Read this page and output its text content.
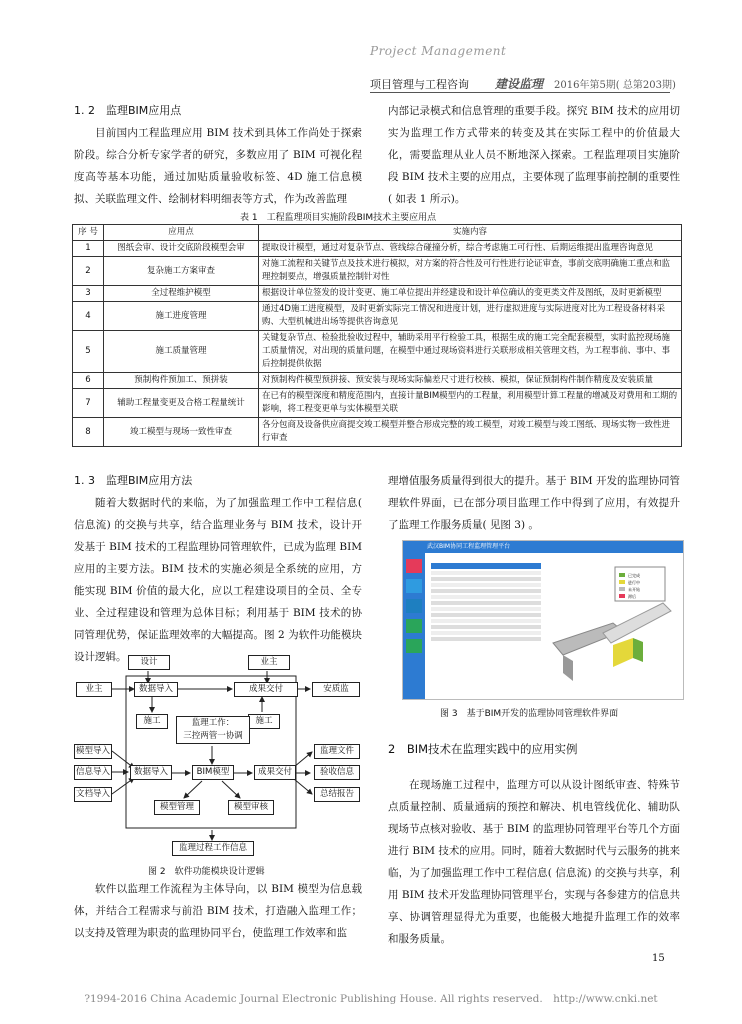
Project Management
项目管理与工程咨询 建设监理 2016年第5期( 总第203期)
1. 2　监理BIM应用点

目前国内工程监理应用 BIM 技术到具体工作尚处于探索阶段。综合分析专家学者的研究，多数应用了 BIM 可视化程度高等基本功能，通过加贴质量验收标签、4D 施工信息模拟、关联监理文件、绘制材料明细表等方式，作为改善监理

内部记录模式和信息管理的重要手段。探究 BIM 技术的应用切实为监理工作方式带来的转变及其在实际工程中的价值最大化，需要监理从业人员不断地深入探索。工程监理项目实施阶段 BIM 技术主要的应用点，主要体现了监理事前控制的重要性( 如表 1 所示)。

表 1　工程监理项目实施阶段BIM技术主要应用点
序 号	应用点	实施内容
1	图纸会审、设计交底阶段模型会审	提取设计模型，通过对复杂节点、管线综合碰撞分析，综合考虑施工可行性、后期运维提出监理咨询意见
2	复杂施工方案审查	对施工流程和关键节点及技术进行模拟，对方案的符合性及可行性进行论证审查，事前交底明确施工重点和监理控制要点，增强质量控制针对性
3	全过程维护模型	根据设计单位签发的设计变更、施工单位提出并经建设和设计单位确认的变更类文件及图纸，及时更新模型
4	施工进度管理	通过4D施工进度模型，及时更新实际完工情况和进度计划，进行虚拟进度与实际进度对比为工程设备材料采购、大型机械进出场等提供咨询意见
5	施工质量管理	关键复杂节点、检验批验收过程中，辅助采用平行检验工具，根据生成的施工完全配套模型，实时监控现场施工质量情况，对出现的质量问题，在模型中通过现场资料进行关联形成相关管理文档，为工程事前、事中、事后控制提供依据
6	预制构件预加工、预拼装	对预制构件模型预拼接、预安装与现场实际偏差尺寸进行校核、模拟，保证预制构件制作精度及安装质量
7	辅助工程量变更及合格工程量统计	在已有的模型深度和精度范围内，直接计量BIM模型内的工程量，利用模型计算工程量的增减及对费用和工期的影响，将工程变更单与实体模型关联
8	竣工模型与现场一致性审查	各分包商及设备供应商提交竣工模型并整合形成完整的竣工模型，对竣工模型与竣工图纸、现场实物一致性进行审查
1. 3　监理BIM应用方法

随着大数据时代的来临，为了加强监理工作中工程信息( 信息流) 的交换与共享，结合监理业务与 BIM 技术，设计开发基于 BIM 技术的工程监理协同管理软件，已成为监理 BIM 应用的主要方法。BIM 技术的实施必须是全系统的应用，方能实现 BIM 价值的最大化，应以工程建设项目的全员、全专业、全过程建设和管理为总体目标；利用基于 BIM 技术的协同管理优势，保证监理效率的大幅提高。图 2 为软件功能模块设计逻辑。	设计	业主
业主	安质监
数据导入	成果交付
施工	施工
监理工作：
三控两管一协调
模型导入
信息导入
文档导入
数据导入	BIM模型	成果交付
监理文件
验收信息
总结报告
模型管理	模型审核
监理过程工作信息
图 2　软件功能模块设计逻辑

软件以监理工作流程为主体导向，以 BIM 模型为信息载体，并结合工程需求与前沿 BIM 技术，打造融入监理工作；以支持及管理为职责的监理协同平台，使监理工作效率和监

理增值服务质量得到很大的提升。基于 BIM 开发的监理协同管理软件界面，已在部分项目监理工作中得到了应用，有效提升了监理工作服务质量( 见图 3) 。

武汉BIM协同工程监理管理平台
已完成
进行中
未开始
滞后
图 3　基于BIM开发的监理协同管理软件界面
2　BIM技术在监理实践中的应用实例

在现场施工过程中，监理方可以从设计图纸审查、特殊节点质量控制、质量通病的预控和解决、机电管线优化、辅助队现场节点核对验收、基于 BIM 的监理协同管理平台等几个方面进行 BIM 技术的应用。同时，随着大数据时代与云服务的挑来临，为了加强监理工作中工程信息( 信息流) 的交换与共享，利用 BIM 技术开发监理协同管理平台，实现与各参建方的信息共享、协调管理显得尤为重要，也能极大地提升监理工作的效率和服务质量。

15
?1994-2016 China Academic Journal Electronic Publishing House. All rights reserved.　http://www.cnki.net
